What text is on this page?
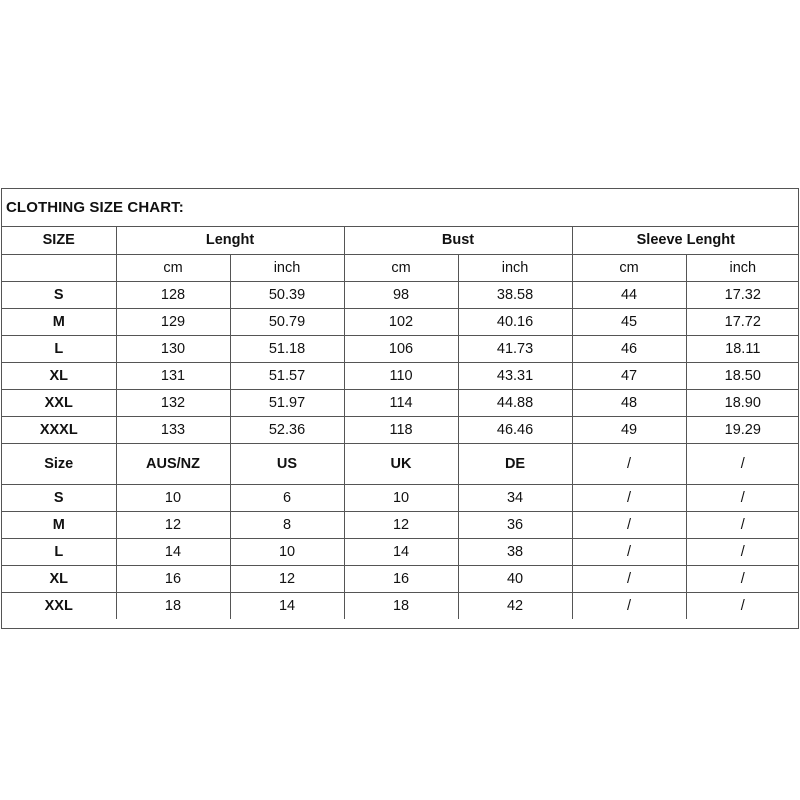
CLOTHING SIZE CHART:
SIZE	Lenght		Bust		Sleeve Lenght	
	cm	inch	cm	inch	cm	inch
S	128	50.39	98	38.58	44	17.32
M	129	50.79	102	40.16	45	17.72
L	130	51.18	106	41.73	46	18.11
XL	131	51.57	110	43.31	47	18.50
XXL	132	51.97	114	44.88	48	18.90
XXXL	133	52.36	118	46.46	49	19.29
Size	AUS/NZ	US	UK	DE	/	/
S	10	6	10	34	/	/
M	12	8	12	36	/	/
L	14	10	14	38	/	/
XL	16	12	16	40	/	/
XXL	18	14	18	42	/	/
